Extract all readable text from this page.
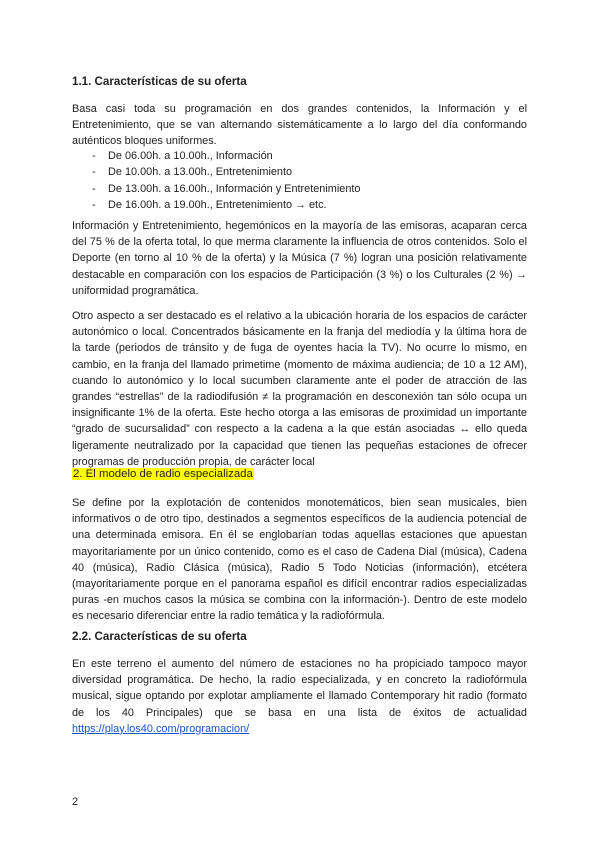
1.1. Características de su oferta

Basa casi toda su programación en dos grandes contenidos, la Información y el Entretenimiento, que se van alternando sistemáticamente a lo largo del día conformando auténticos bloques uniformes.

- De 06.00h. a 10.00h., Información
- De 10.00h. a 13.00h., Entretenimiento
- De 13.00h. a 16.00h., Información y Entretenimiento
- De 16.00h. a 19.00h., Entretenimiento → etc.

Información y Entretenimiento, hegemónicos en la mayoría de las emisoras, acaparan cerca del 75 % de la oferta total, lo que merma claramente la influencia de otros contenidos. Solo el Deporte (en torno al 10 % de la oferta) y la Música (7 %) logran una posición relativamente destacable en comparación con los espacios de Participación (3 %) o los Culturales (2 %) → uniformidad programática.

Otro aspecto a ser destacado es el relativo a la ubicación horaria de los espacios de carácter autonómico o local. Concentrados básicamente en la franja del mediodía y la última hora de la tarde (periodos de tránsito y de fuga de oyentes hacia la TV). No ocurre lo mismo, en cambio, en la franja del llamado primetime (momento de máxima audiencia; de 10 a 12 AM), cuando lo autonómico y lo local sucumben claramente ante el poder de atracción de las grandes “estrellas” de la radiodifusión ≠ la programación en desconexión tan sólo ocupa un insignificante 1% de la oferta. Este hecho otorga a las emisoras de proximidad un importante “grado de sucursalidad” con respecto a la cadena a la que están asociadas ↔ ello queda ligeramente neutralizado por la capacidad que tienen las pequeñas estaciones de ofrecer programas de producción propia, de carácter local

2. El modelo de radio especializada

Se define por la explotación de contenidos monotemáticos, bien sean musicales, bien informativos o de otro tipo, destinados a segmentos específicos de la audiencia potencial de una determinada emisora. En él se englobarían todas aquellas estaciones que apuestan mayoritariamente por un único contenido, como es el caso de Cadena Dial (música), Cadena 40 (música), Radio Clásica (música), Radio 5 Todo Noticias (información), etcétera (mayoritariamente porque en el panorama español es difícil encontrar radios especializadas puras -en muchos casos la música se combina con la información-). Dentro de este modelo es necesario diferenciar entre la radio temática y la radiofórmula.

2.2. Características de su oferta

En este terreno el aumento del número de estaciones no ha propiciado tampoco mayor diversidad programática. De hecho, la radio especializada, y en concreto la radiofórmula musical, sigue optando por explotar ampliamente el llamado Contemporary hit radio (formato de los 40 Principales) que se basa en una lista de éxitos de actualidad https://play.los40.com/programacion/

2
